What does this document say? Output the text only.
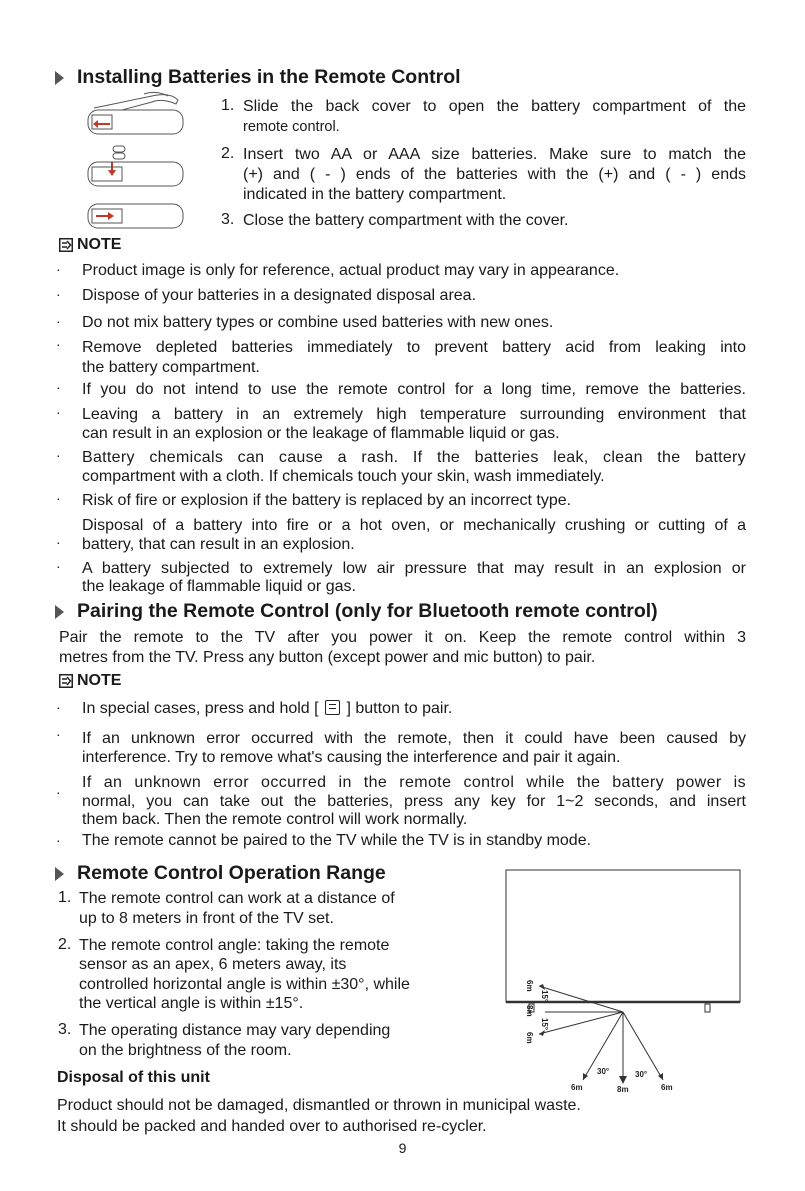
Installing Batteries in the Remote Control
1. Slide the back cover to open the battery compartment of the
remote control.
2. Insert two AA or AAA size batteries. Make sure to match the
(+) and ( - ) ends of the batteries with the (+) and ( - ) ends
indicated in the battery compartment.
3. Close the battery compartment with the cover.
NOTE
· Product image is only for reference, actual product may vary in appearance.
· Dispose of your batteries in a designated disposal area.
· Do not mix battery types or combine used batteries with new ones.
· Remove depleted batteries immediately to prevent battery acid from leaking into
the battery compartment.
· If you do not intend to use the remote control for a long time, remove the batteries.
· Leaving a battery in an extremely high temperature surrounding environment that
can result in an explosion or the leakage of flammable liquid or gas.
· Battery chemicals can cause a rash. If the batteries leak, clean the battery
compartment with a cloth. If chemicals touch your skin, wash immediately.
· Risk of fire or explosion if the battery is replaced by an incorrect type.
·
Disposal of a battery into fire or a hot oven, or mechanically crushing or cutting of a
battery, that can result in an explosion.
· A battery subjected to extremely low air pressure that may result in an explosion or
the leakage of flammable liquid or gas.
Pairing the Remote Control (only for Bluetooth remote control)
Pair the remote to the TV after you power it on. Keep the remote control within 3
metres from the TV. Press any button (except power and mic button) to pair.
NOTE
· In special cases, press and hold [ ] button to pair.
· If an unknown error occurred with the remote, then it could have been caused by
interference. Try to remove what's causing the interference and pair it again.
·
If an unknown error occurred in the remote control while the battery power is
normal, you can take out the batteries, press any key for 1~2 seconds, and insert
them back. Then the remote control will work normally.
· The remote cannot be paired to the TV while the TV is in standby mode.
Remote Control Operation Range
1. The remote control can work at a distance of
up to 8 meters in front of the TV set.
2. The remote control angle: taking the remote
sensor as an apex, 6 meters away, its
controlled horizontal angle is within ±30°, while
the vertical angle is within ±15°.
3. The operating distance may vary depending
on the brightness of the room.
6m
15°
8m
15°
6m
30°	30°
6m	8m	6m
Disposal of this unit
Product should not be damaged, dismantled or thrown in municipal waste.
It should be packed and handed over to authorised re-cycler.
9
